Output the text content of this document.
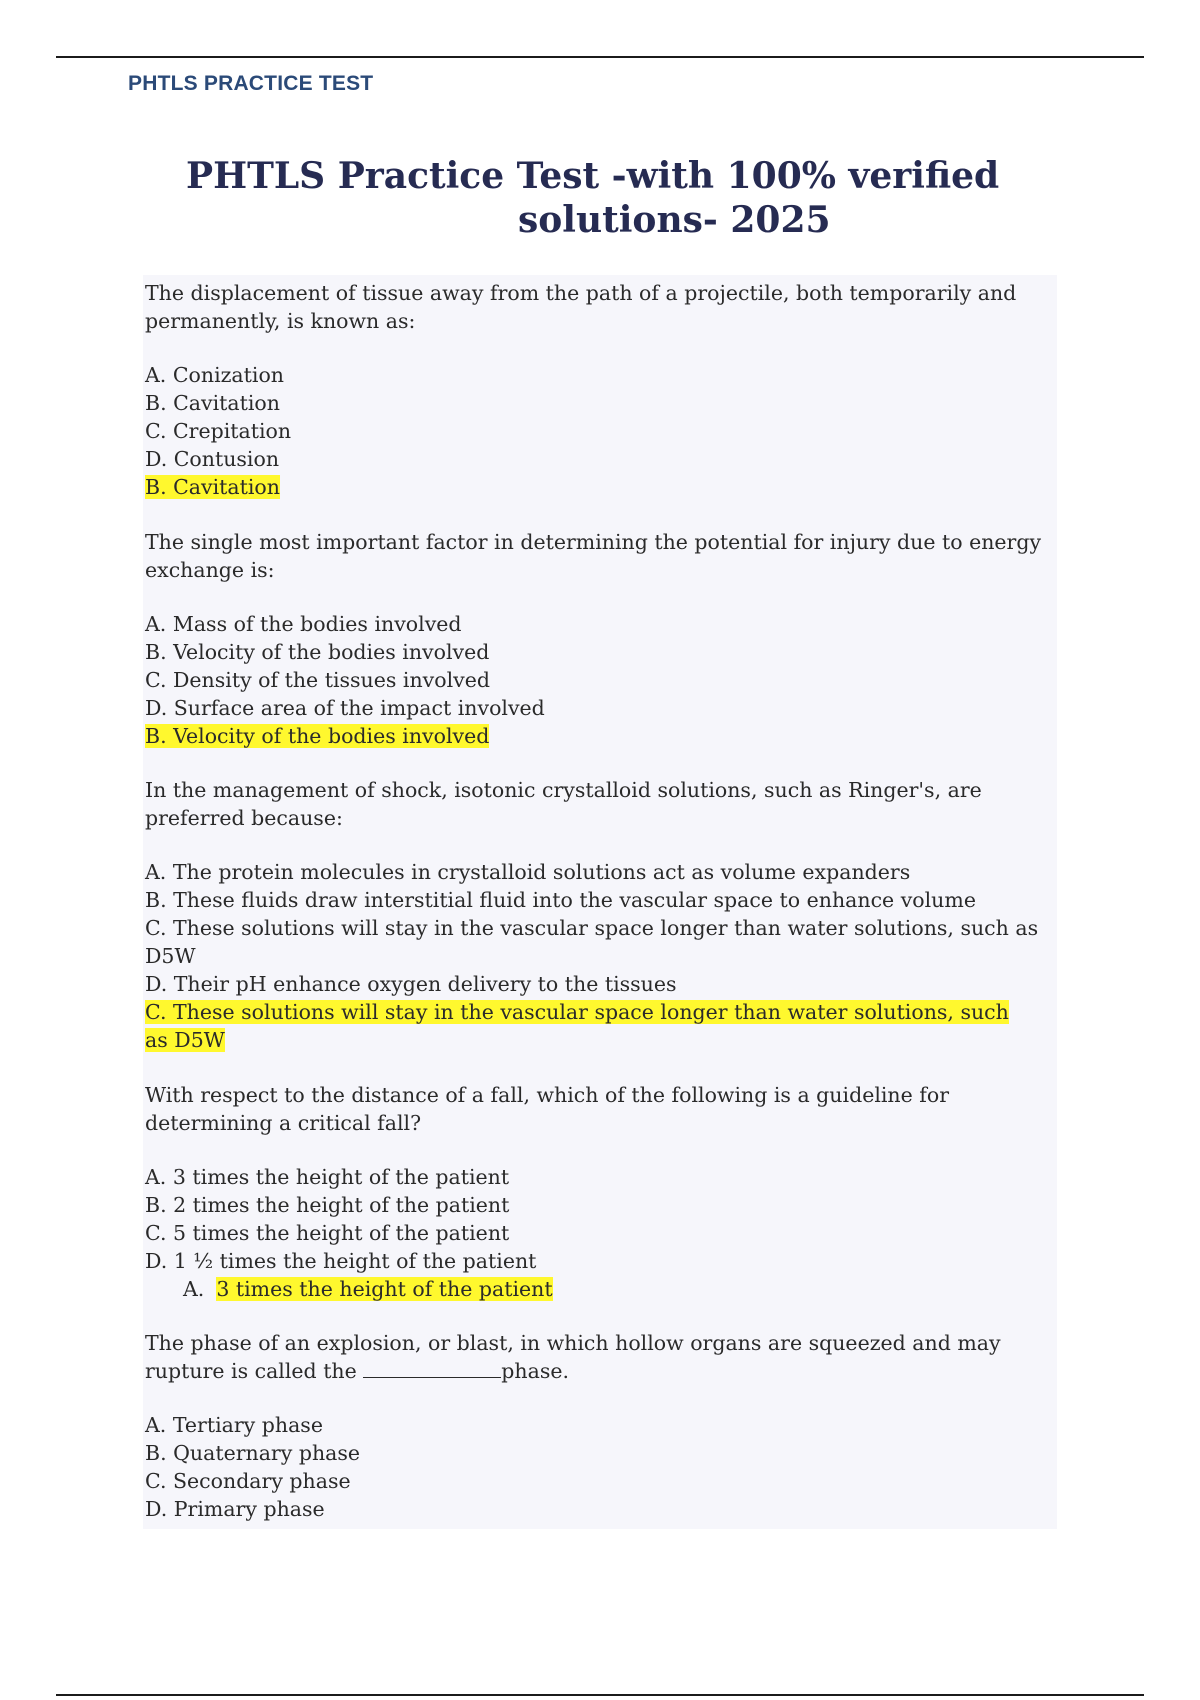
PHTLS PRACTICE TEST
PHTLS Practice Test -with 100% verified
solutions- 2025
The displacement of tissue away from the path of a projectile, both temporarily and permanently, is known as:
A. Conization
B. Cavitation
C. Crepitation
D. Contusion
B. Cavitation
The single most important factor in determining the potential for injury due to energy exchange is:
A. Mass of the bodies involved
B. Velocity of the bodies involved
C. Density of the tissues involved
D. Surface area of the impact involved
B. Velocity of the bodies involved
In the management of shock, isotonic crystalloid solutions, such as Ringer's, are preferred because:
A. The protein molecules in crystalloid solutions act as volume expanders
B. These fluids draw interstitial fluid into the vascular space to enhance volume
C. These solutions will stay in the vascular space longer than water solutions, such as D5W
D. Their pH enhance oxygen delivery to the tissues
C. These solutions will stay in the vascular space longer than water solutions, such as D5W
With respect to the distance of a fall, which of the following is a guideline for determining a critical fall?
A. 3 times the height of the patient
B. 2 times the height of the patient
C. 5 times the height of the patient
D. 1 ½ times the height of the patient
A. 3 times the height of the patient
The phase of an explosion, or blast, in which hollow organs are squeezed and may rupture is called the	phase.
A. Tertiary phase
B. Quaternary phase
C. Secondary phase
D. Primary phase
